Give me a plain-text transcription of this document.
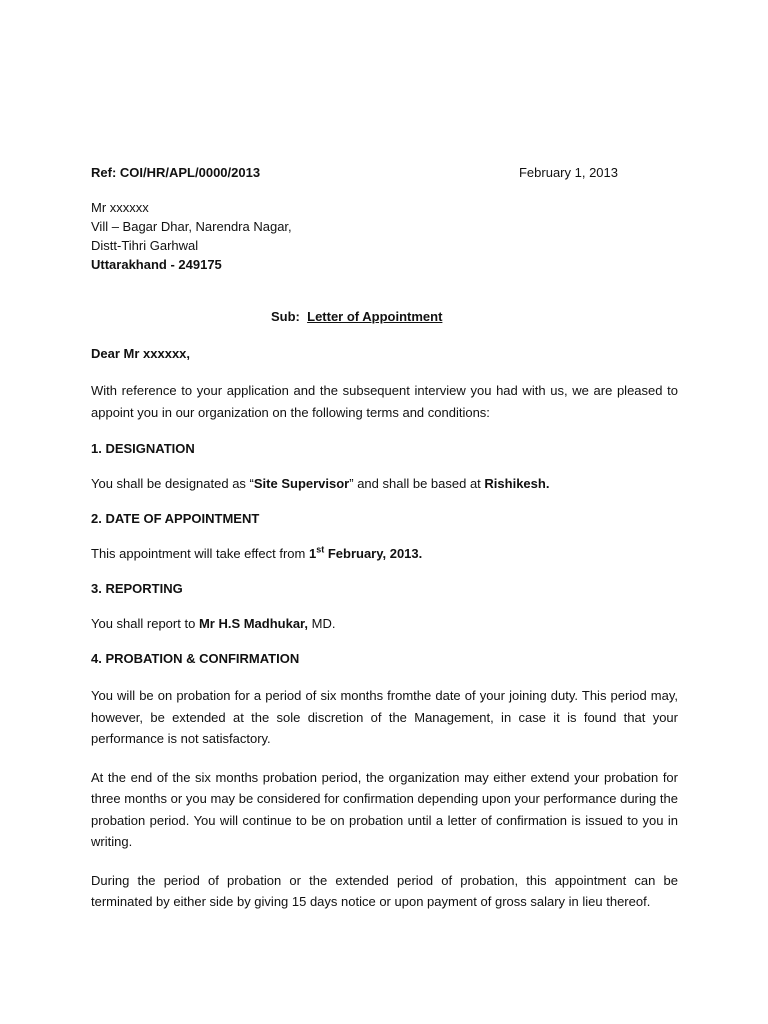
Ref: COI/HR/APL/0000/2013	February 1, 2013
Mr xxxxxx
Vill – Bagar Dhar, Narendra Nagar,
Distt-Tihri Garhwal
Uttarakhand - 249175
Sub: Letter of Appointment
Dear Mr xxxxxx,

With reference to your application and the subsequent interview you had with us, we are pleased to appoint you in our organization on the following terms and conditions:

1. DESIGNATION
You shall be designated as “Site Supervisor” and shall be based at Rishikesh.
2. DATE OF APPOINTMENT
This appointment will take effect from 1st February, 2013.
3. REPORTING
You shall report to Mr H.S Madhukar, MD.
4. PROBATION & CONFIRMATION

You will be on probation for a period of six months fromthe date of your joining duty. This period may, however, be extended at the sole discretion of the Management, in case it is found that your performance is not satisfactory.

At the end of the six months probation period, the organization may either extend your probation for three months or you may be considered for confirmation depending upon your performance during the probation period. You will continue to be on probation until a letter of confirmation is issued to you in writing.

During the period of probation or the extended period of probation, this appointment can be terminated by either side by giving 15 days notice or upon payment of gross salary in lieu thereof.
